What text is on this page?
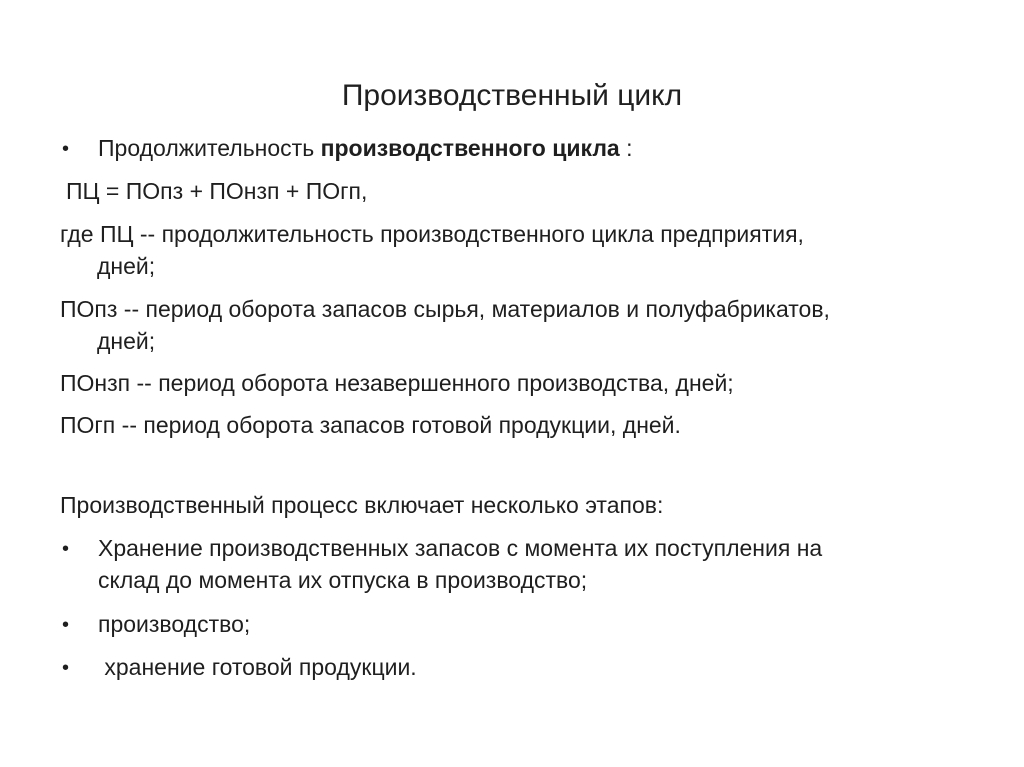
Производственный цикл
• Продолжительность производственного цикла :
ПЦ = ПОпз + ПОнзп + ПОгп,
где ПЦ -- продолжительность производственного цикла предприятия,
дней;
ПОпз -- период оборота запасов сырья, материалов и полуфабрикатов,
дней;
ПОнзп -- период оборота незавершенного производства, дней;
ПОгп -- период оборота запасов готовой продукции, дней.
Производственный процесс включает несколько этапов:
• Хранение производственных запасов с момента их поступления на
склад до момента их отпуска в производство;
• производство;
• хранение готовой продукции.
